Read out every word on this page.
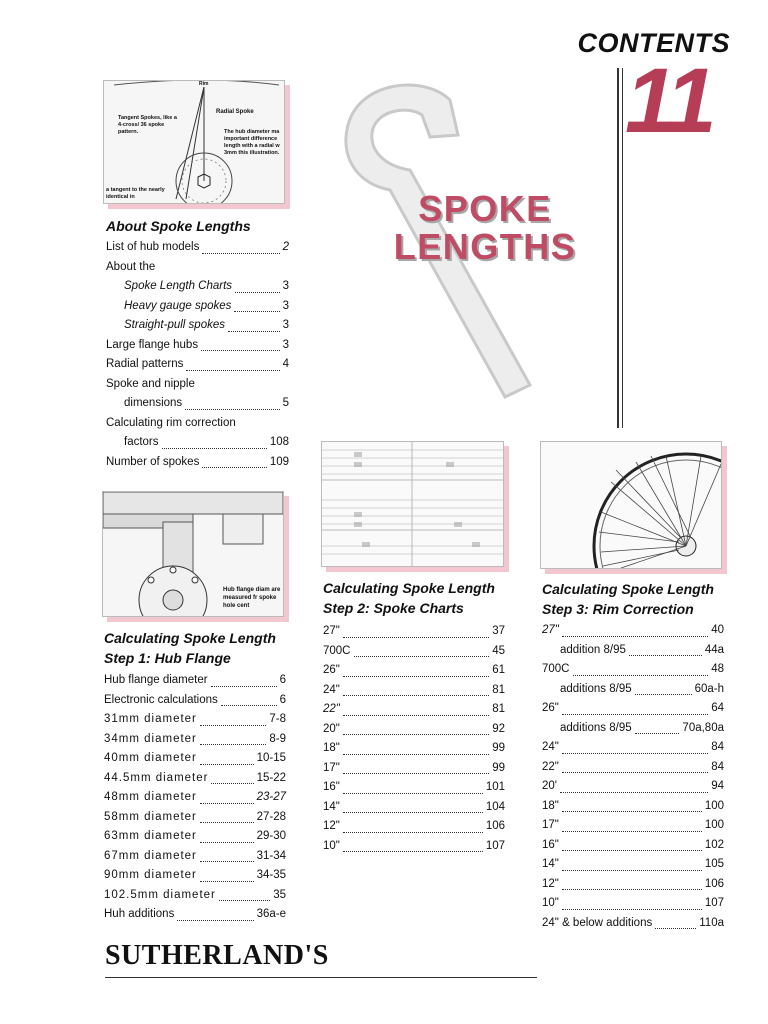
CONTENTS
11
SPOKE
LENGTHS
Rim
Radial Spoke
Tangent Spokes, like a 4-cross/ 36 spoke pattern.	The hub diameter ma important difference length with a radial w 3mm this illustration.
a tangent to the nearly identical in
About Spoke Lengths
List of hub models	2
About the
Spoke Length Charts	3
Heavy gauge spokes	3
Straight-pull spokes	3
Large flange hubs	3
Radial patterns	4
Spoke and nipple
dimensions	5
Calculating rim correction
factors	108
Number of spokes	109
Hub flange diam are measured fr spoke hole cent
Calculating Spoke Length
Step 1: Hub Flange
Hub flange diameter	6
Electronic calculations	6
31mm diameter	7-8
34mm diameter	8-9
40mm diameter	10-15
44.5mm diameter	15-22
48mm diameter	23-27
58mm diameter	27-28
63mm diameter	29-30
67mm diameter	31-34
90mm diameter	34-35
102.5mm diameter	35
Huh additions	36a-e
Calculating Spoke Length
Step 2: Spoke Charts
27"	37
700C	45
26"	61
24"	81
22"	81
20"	92
18"	99
17"	99
16"	101
14"	104
12"	106
10"	107
Calculating Spoke Length
Step 3: Rim Correction
27"	40
addition 8/95	44a
700C	48
additions 8/95	60a-h
26"	64
additions 8/95	70a,80a
24"	84
22"	84
20'	94
18"	100
17"	100
16"	102
14"	105
12"	106
10"	107
24" & below additions	110a
SUTHERLAND'S
